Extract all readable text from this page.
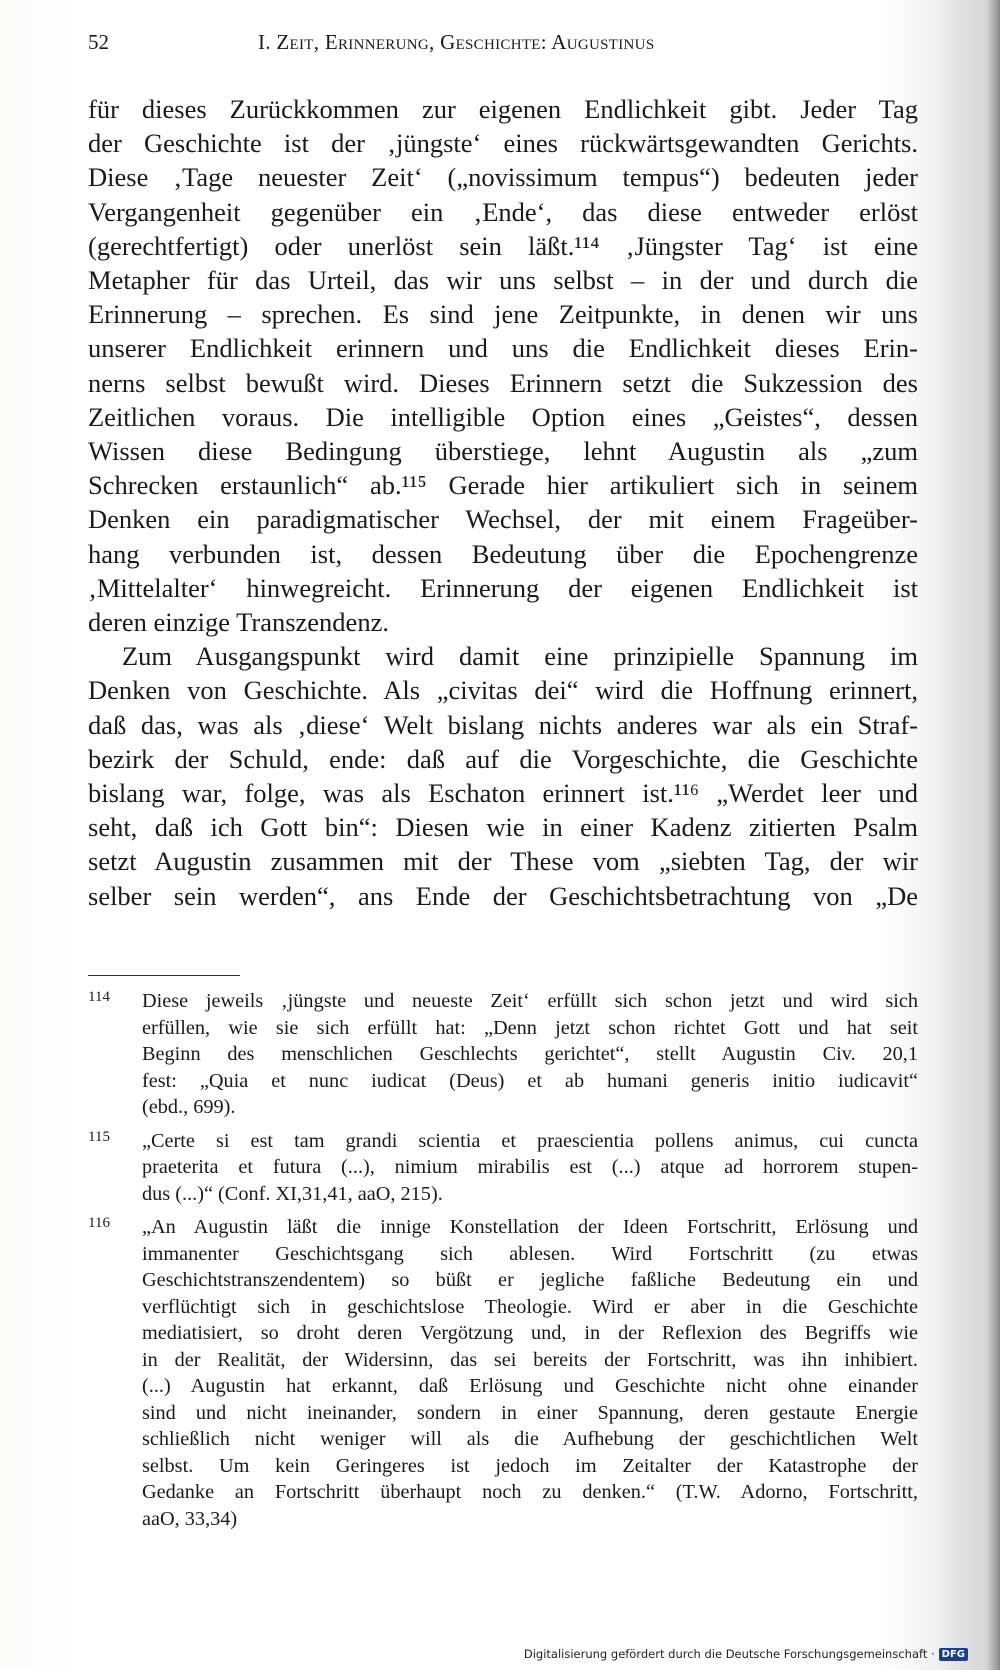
52	I. Zeit, Erinnerung, Geschichte: Augustinus
für dieses Zurückkommen zur eigenen Endlichkeit gibt. Jeder Tag
der Geschichte ist der ‚jüngste‘ eines rückwärtsgewandten Gerichts.
Diese ‚Tage neuester Zeit‘ („novissimum tempus“) bedeuten jeder
Vergangenheit gegenüber ein ‚Ende‘, das diese entweder erlöst
(gerechtfertigt) oder unerlöst sein läßt.¹¹⁴ ‚Jüngster Tag‘ ist eine
Metapher für das Urteil, das wir uns selbst – in der und durch die
Erinnerung – sprechen. Es sind jene Zeitpunkte, in denen wir uns
unserer Endlichkeit erinnern und uns die Endlichkeit dieses Erin-
nerns selbst bewußt wird. Dieses Erinnern setzt die Sukzession des
Zeitlichen voraus. Die intelligible Option eines „Geistes“, dessen
Wissen diese Bedingung überstiege, lehnt Augustin als „zum
Schrecken erstaunlich“ ab.¹¹⁵ Gerade hier artikuliert sich in seinem
Denken ein paradigmatischer Wechsel, der mit einem Frageüber-
hang verbunden ist, dessen Bedeutung über die Epochengrenze
‚Mittelalter‘ hinwegreicht. Erinnerung der eigenen Endlichkeit ist
deren einzige Transzendenz.
Zum Ausgangspunkt wird damit eine prinzipielle Spannung im
Denken von Geschichte. Als „civitas dei“ wird die Hoffnung erinnert,
daß das, was als ‚diese‘ Welt bislang nichts anderes war als ein Straf-
bezirk der Schuld, ende: daß auf die Vorgeschichte, die Geschichte
bislang war, folge, was als Eschaton erinnert ist.¹¹⁶ „Werdet leer und
seht, daß ich Gott bin“: Diesen wie in einer Kadenz zitierten Psalm
setzt Augustin zusammen mit der These vom „siebten Tag, der wir
selber sein werden“, ans Ende der Geschichtsbetrachtung von „De
114 Diese jeweils ‚jüngste und neueste Zeit‘ erfüllt sich schon jetzt und wird sich
erfüllen, wie sie sich erfüllt hat: „Denn jetzt schon richtet Gott und hat seit
Beginn des menschlichen Geschlechts gerichtet“, stellt Augustin Civ. 20,1
fest: „Quia et nunc iudicat (Deus) et ab humani generis initio iudicavit“
(ebd., 699).
115 „Certe si est tam grandi scientia et praescientia pollens animus, cui cuncta
praeterita et futura (...), nimium mirabilis est (...) atque ad horrorem stupen-
dus (...)“ (Conf. XI,31,41, aaO, 215).
116 „An Augustin läßt die innige Konstellation der Ideen Fortschritt, Erlösung und
immanenter Geschichtsgang sich ablesen. Wird Fortschritt (zu etwas
Geschichtstranszendentem) so büßt er jegliche faßliche Bedeutung ein und
verflüchtigt sich in geschichtslose Theologie. Wird er aber in die Geschichte
mediatisiert, so droht deren Vergötzung und, in der Reflexion des Begriffs wie
in der Realität, der Widersinn, das sei bereits der Fortschritt, was ihn inhibiert.
(...) Augustin hat erkannt, daß Erlösung und Geschichte nicht ohne einander
sind und nicht ineinander, sondern in einer Spannung, deren gestaute Energie
schließlich nicht weniger will als die Aufhebung der geschichtlichen Welt
selbst. Um kein Geringeres ist jedoch im Zeitalter der Katastrophe der
Gedanke an Fortschritt überhaupt noch zu denken.“ (T.W. Adorno, Fortschritt,
aaO, 33,34)
Digitalisierung gefördert durch die Deutsche Forschungsgemeinschaft · DFG
